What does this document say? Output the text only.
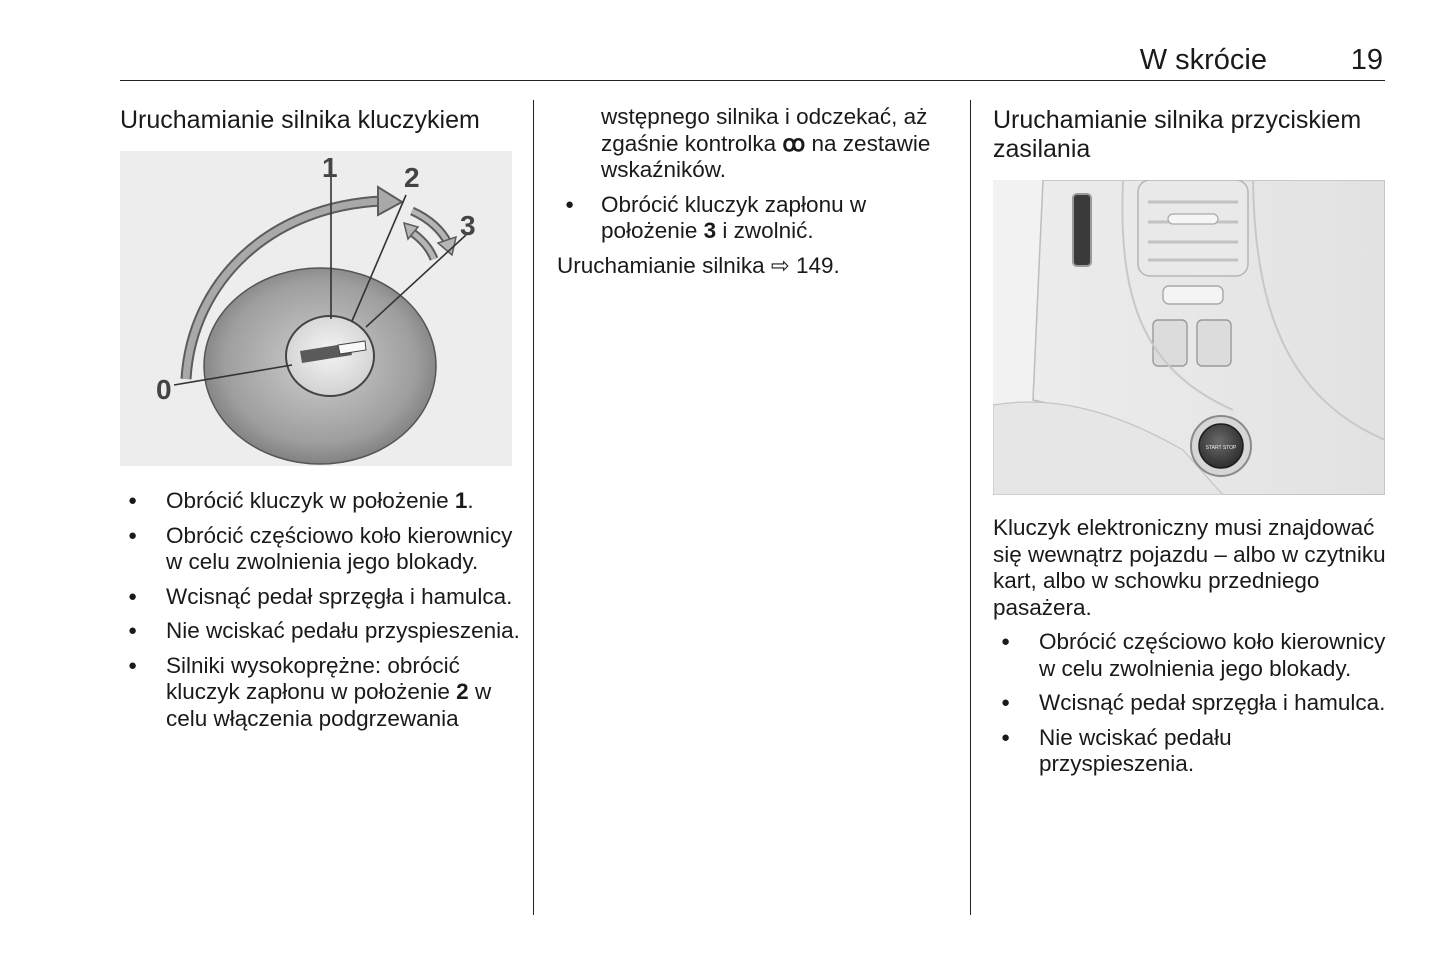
W skrócie	19
Uruchamianie silnika kluczykiem
0
1 2
3
● Obrócić kluczyk w położenie 1.
● Obrócić częściowo koło kierownicy w celu zwolnienia jego blokady.
● Wcisnąć pedał sprzęgła i hamulca.
● Nie wciskać pedału przyspieszenia.
● Silniki wysokoprężne: obrócić kluczyk zapłonu w położenie 2 w celu włączenia podgrzewania

wstępnego silnika i odczekać, aż zgaśnie kontrolka ꝏ na zestawie wskaźników.

● Obrócić kluczyk zapłonu w położenie 3 i zwolnić.

Uruchamianie silnika ⇨ 149.

Uruchamianie silnika przyciskiem zasilania
START STOP

Kluczyk elektroniczny musi znajdować się wewnątrz pojazdu – albo w czytniku kart, albo w schowku przedniego pasażera.

● Obrócić częściowo koło kierownicy w celu zwolnienia jego blokady.
● Wcisnąć pedał sprzęgła i hamulca.
● Nie wciskać pedału przyspieszenia.
